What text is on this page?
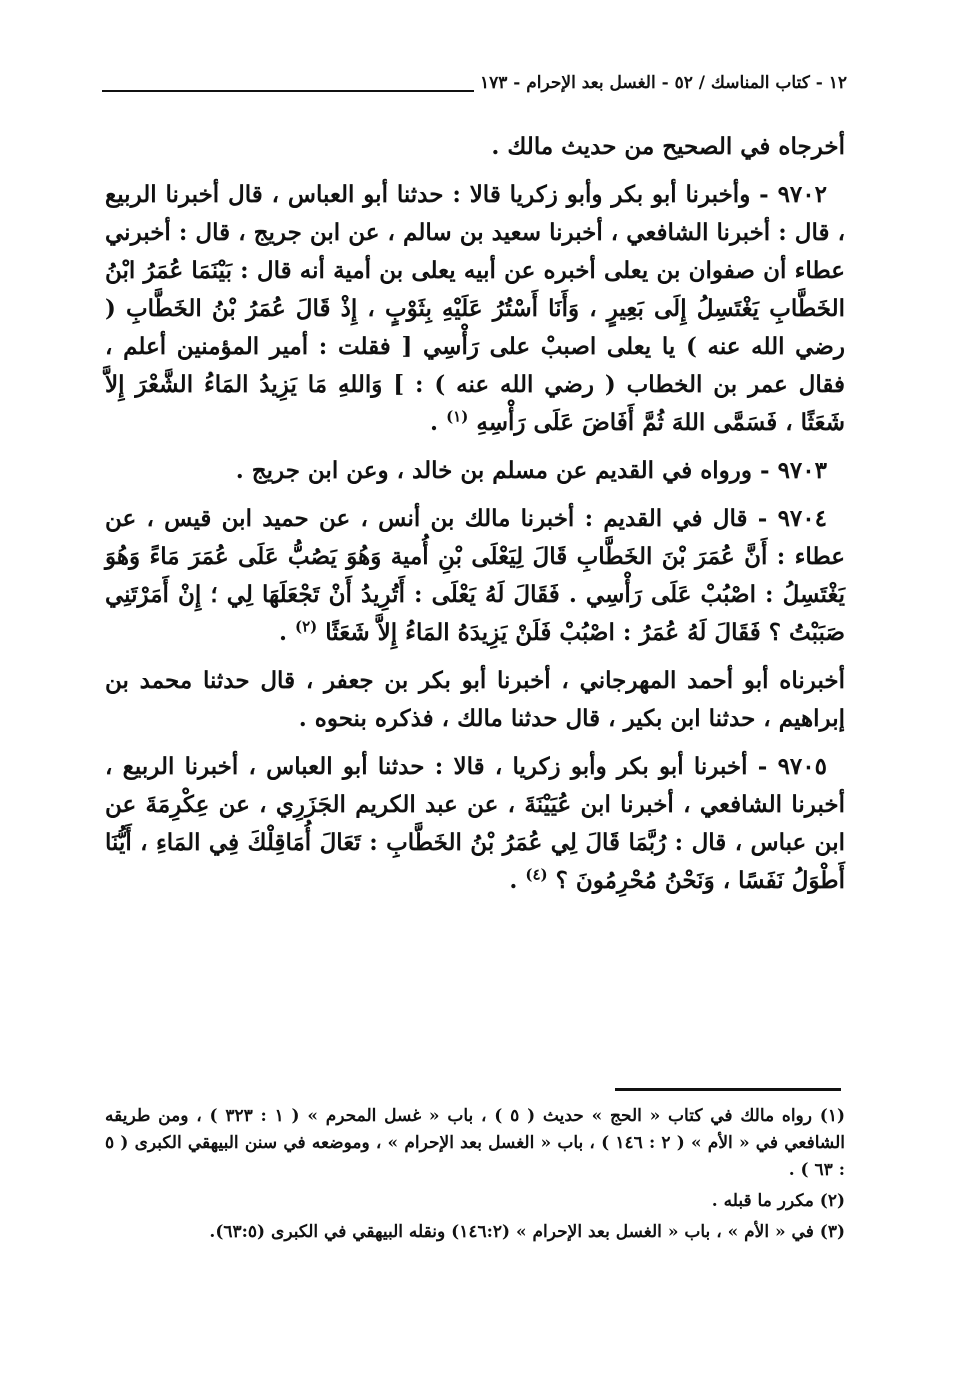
١٢ - كتاب المناسك / ٥٢ - الغسل بعد الإحرام - ١٧٣

أخرجاه في الصحيح من حديث مالك .

٩٧٠٢ - وأخبرنا أبو بكر وأبو زكريا قالا : حدثنا أبو العباس ، قال أخبرنا الربيع ، قال : أخبرنا الشافعي ، أخبرنا سعيد بن سالم ، عن ابن جريج ، قال : أخبرني عطاء أن صفوان بن يعلى أخبره عن أبيه يعلى بن أمية أنه قال : بَيْنَمَا عُمَرُ ابْنُ الخَطَّابِ يَغْتَسِلُ إِلَى بَعِيرٍ ، وَأَنَا أَسْتُرُ عَلَيْهِ بِثَوْبٍ ، إِذْ قَالَ عُمَرُ بْنُ الخَطَّابِ ( رضي الله عنه ) يا يعلى اصببْ على رَأْسِي [ فقلت : أمير المؤمنين أعلم ، فقال عمر بن الخطاب ( رضي الله عنه ) : ] وَاللهِ مَا يَزِيدُ المَاءُ الشَّعْرَ إِلاَّ شَعَثًا ، فَسَمَّى اللهَ ثُمَّ أَفَاضَ عَلَى رَأْسِهِ $^{(١)}$ .

٩٧٠٣ - ورواه في القديم عن مسلم بن خالد ، وعن ابن جريج .

٩٧٠٤ - قال في القديم : أخبرنا مالك بن أنس ، عن حميد ابن قيس ، عن عطاء : أَنَّ عُمَرَ بْنَ الخَطَّابِ قَالَ لِيَعْلَى بْنِ أُمية وَهُوَ يَصُبُّ عَلَى عُمَرَ مَاءً وَهُوَ يَغْتَسِلُ : اصْبُبْ عَلَى رَأْسِي . فَقَالَ لَهُ يَعْلَى : أَتُرِيدُ أَنْ تَجْعَلَهَا لِي ؛ إِنْ أَمَرْتَنِي صَبَبْتُ ؟ فَقَالَ لَهُ عُمَرُ : اصْبُبْ فَلَنْ يَزِيدَهُ المَاءُ إِلاَّ شَعَثًا $^{(٢)}$ .

أخبرناه أبو أحمد المهرجاني ، أخبرنا أبو بكر بن جعفر ، قال حدثنا محمد بن إبراهيم ، حدثنا ابن بكير ، قال حدثنا مالك ، فذكره بنحوه .

٩٧٠٥ - أخبرنا أبو بكر وأبو زكريا ، قالا : حدثنا أبو العباس ، أخبرنا الربيع ، أخبرنا الشافعي ، أخبرنا ابن عُيَيْنَةَ ، عن عبد الكريم الجَزَرِي ، عن عِكْرِمَةَ عن ابن عباس ، قال : رُبَّمَا قَالَ لِي عُمَرُ بْنُ الخَطَّابِ : تَعَالَ أُمَاقِلْكَ فِي المَاءِ ، أَيُّنَا أَطْوَلُ نَفَسًا ، وَنَحْنُ مُحْرِمُونَ ؟ $^{(٤)}$ .

(١) رواه مالك في كتاب « الحج » حديث ( ٥ ) ، باب « غسل المحرم » ( ١ : ٣٢٣ ) ، ومن طريقه الشافعي في « الأم » ( ٢ : ١٤٦ ) ، باب « الغسل بعد الإحرام » ، وموضعه في سنن البيهقي الكبرى ( ٥ : ٦٣ ) .

(٢) مكرر ما قبله .

(٣) في « الأم » ، باب « الغسل بعد الإحرام » (١٤٦:٢) ونقله البيهقي في الكبرى (٦٣:٥).
